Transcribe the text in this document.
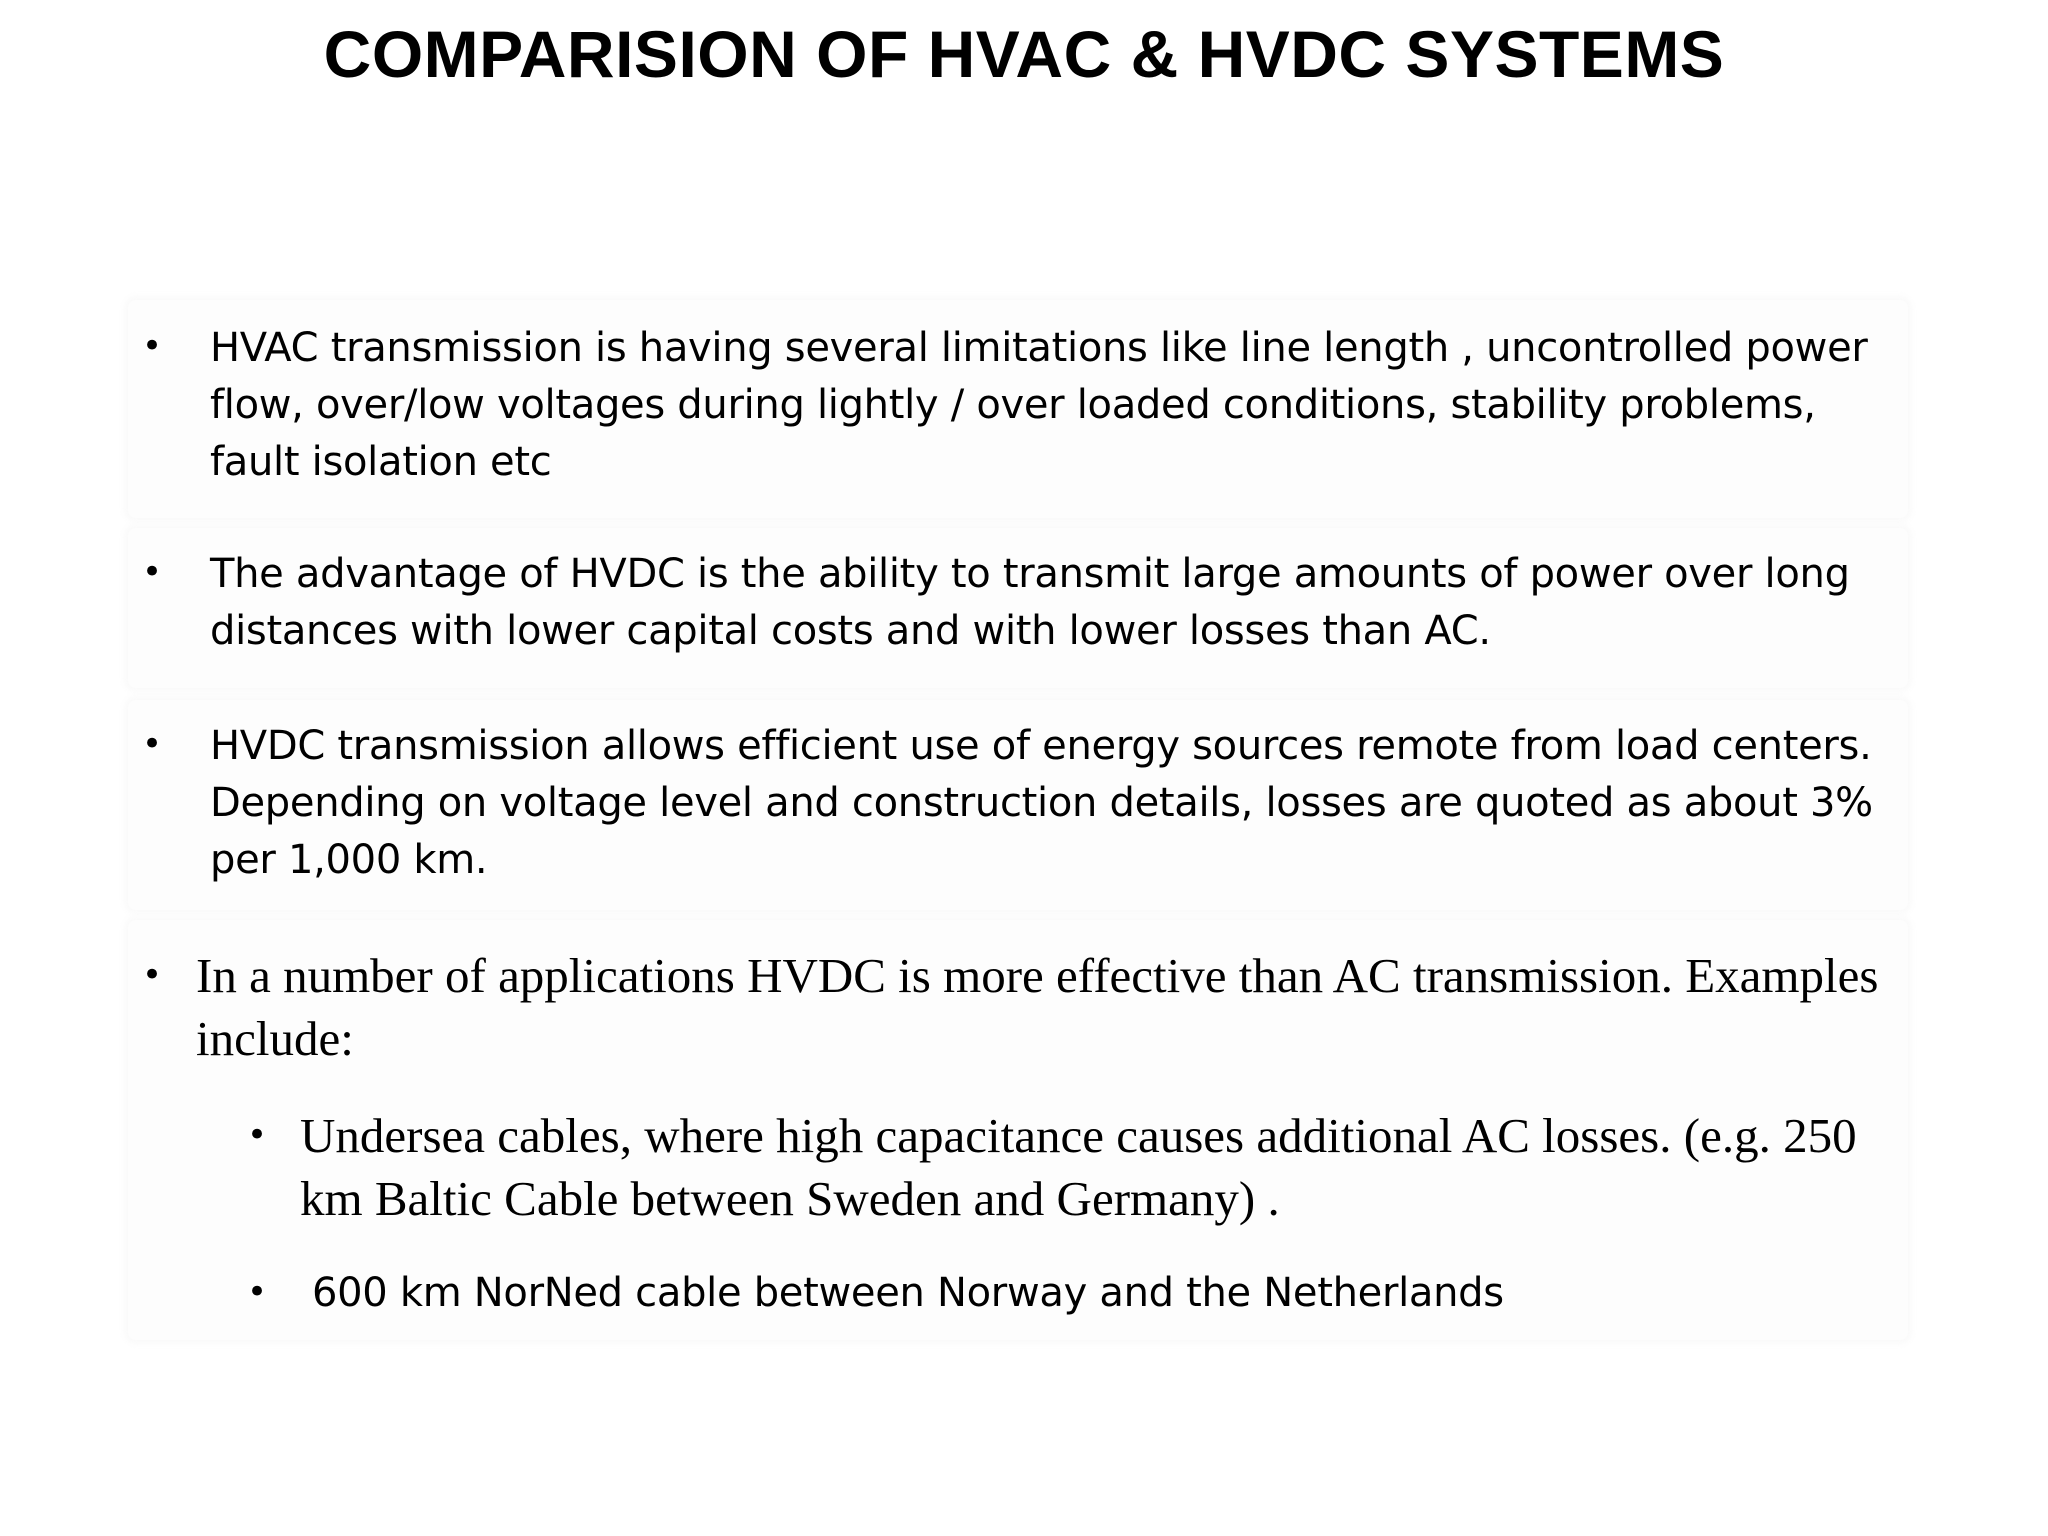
COMPARISION OF HVAC & HVDC SYSTEMS
• HVAC transmission is having several limitations like line length , uncontrolled power flow, over/low voltages during lightly / over loaded conditions, stability problems, fault isolation etc
• The advantage of HVDC is the ability to transmit large amounts of power over long distances with lower capital costs and with lower losses than AC.
• HVDC transmission allows efficient use of energy sources remote from load centers. Depending on voltage level and construction details, losses are quoted as about 3% per 1,000 km.
• In a number of applications HVDC is more effective than AC transmission. Examples include:
• Undersea cables, where high capacitance causes additional AC losses. (e.g. 250 km Baltic Cable between Sweden and Germany) .
• 600 km NorNed cable between Norway and the Netherlands
